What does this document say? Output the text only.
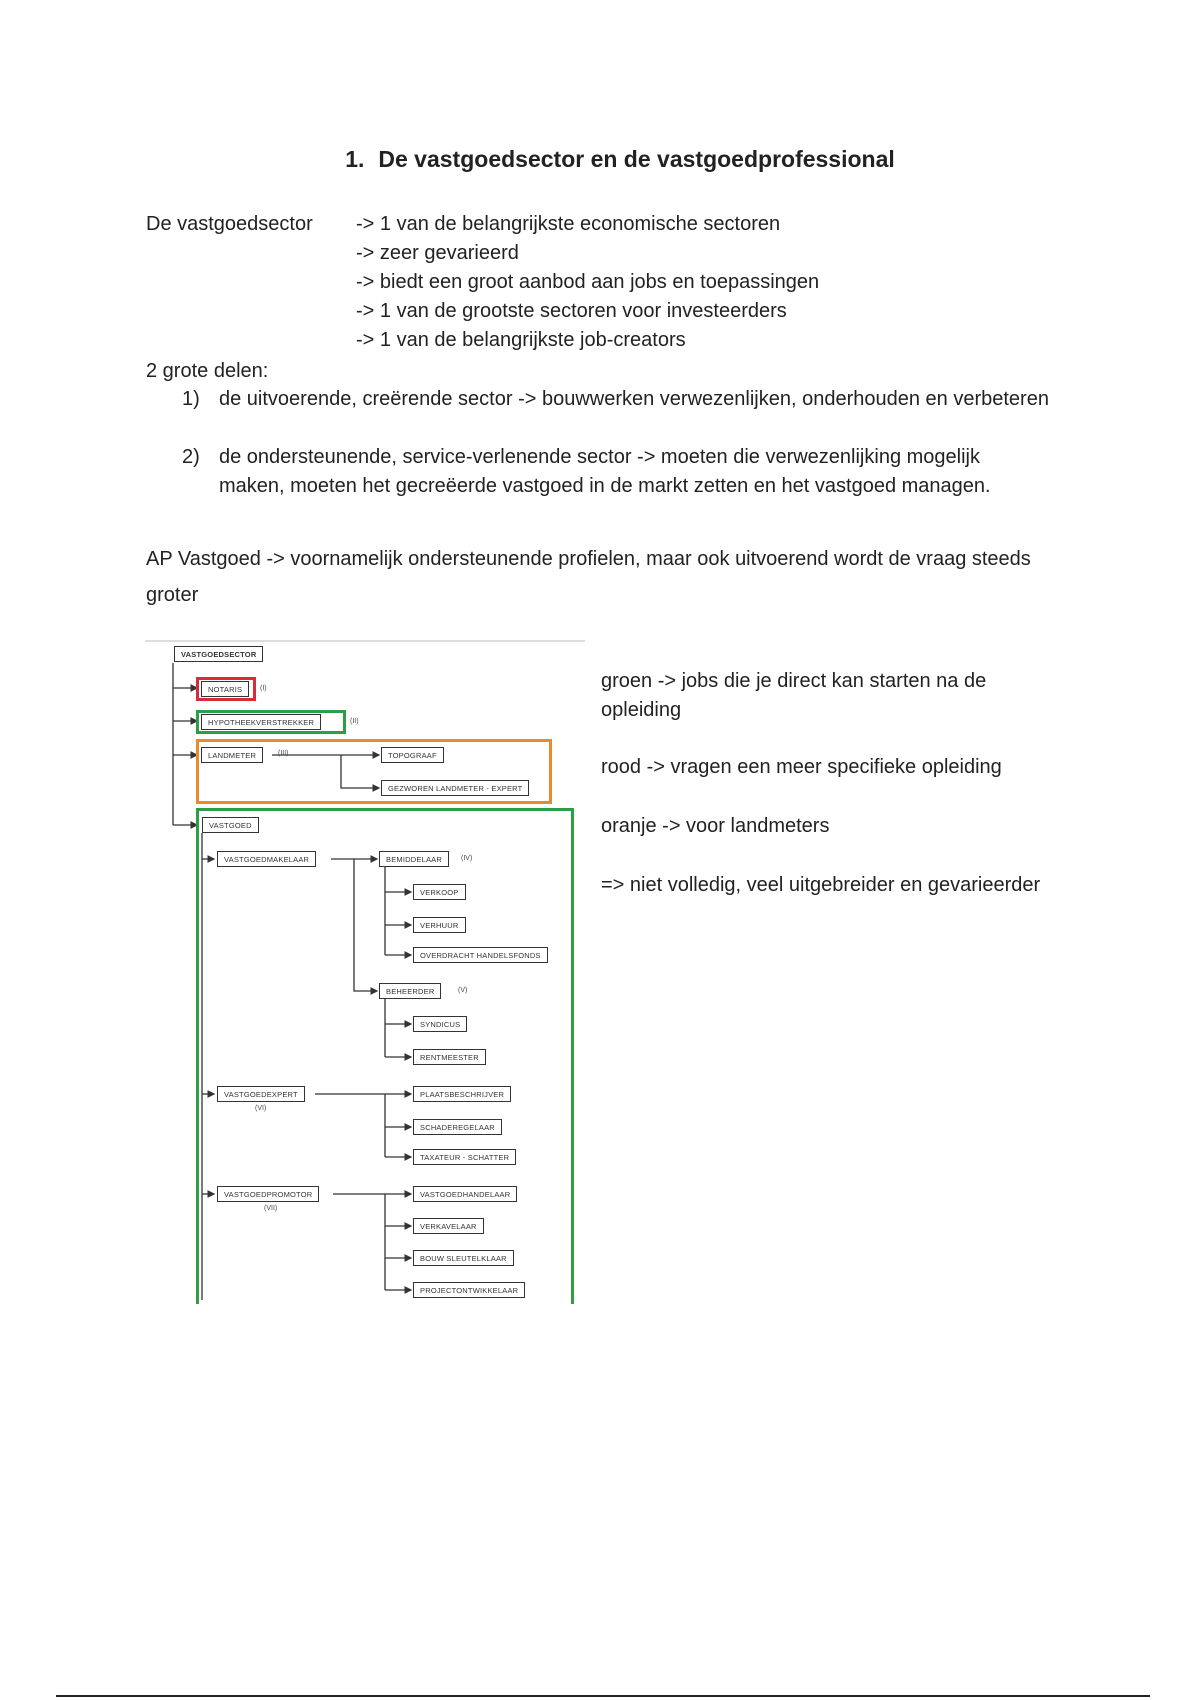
1. De vastgoedsector en de vastgoedprofessional
De vastgoedsector -> 1 van de belangrijkste economische sectoren
-> zeer gevarieerd
-> biedt een groot aanbod aan jobs en toepassingen
-> 1 van de grootste sectoren voor investeerders
-> 1 van de belangrijkste job-creators
2 grote delen:
1) de uitvoerende, creërende sector -> bouwwerken verwezenlijken, onderhouden en verbeteren
2) de ondersteunende, service-verlenende sector -> moeten die verwezenlijking mogelijk maken, moeten het gecreëerde vastgoed in de markt zetten en het vastgoed managen.
AP Vastgoed -> voornamelijk ondersteunende profielen, maar ook uitvoerend wordt de vraag steeds groter
VASTGOEDSECTOR
NOTARIS	(I)
HYPOTHEEKVERSTREKKER	(II)
LANDMETER	(III)	TOPOGRAAF
GEZWOREN LANDMETER - EXPERT
VASTGOED
VASTGOEDMAKELAAR	BEMIDDELAAR	(IV)
VERKOOP
VERHUUR
OVERDRACHT HANDELSFONDS
BEHEERDER	(V)
SYNDICUS
RENTMEESTER
VASTGOEDEXPERT
(VI)
PLAATSBESCHRIJVER
SCHADEREGELAAR
TAXATEUR - SCHATTER
VASTGOEDPROMOTOR
(VII)
VASTGOEDHANDELAAR
VERKAVELAAR
BOUW SLEUTELKLAAR
PROJECTONTWIKKELAAR
groen -> jobs die je direct kan starten na de opleiding
rood -> vragen een meer specifieke opleiding
oranje -> voor landmeters
=> niet volledig, veel uitgebreider en gevarieerder
